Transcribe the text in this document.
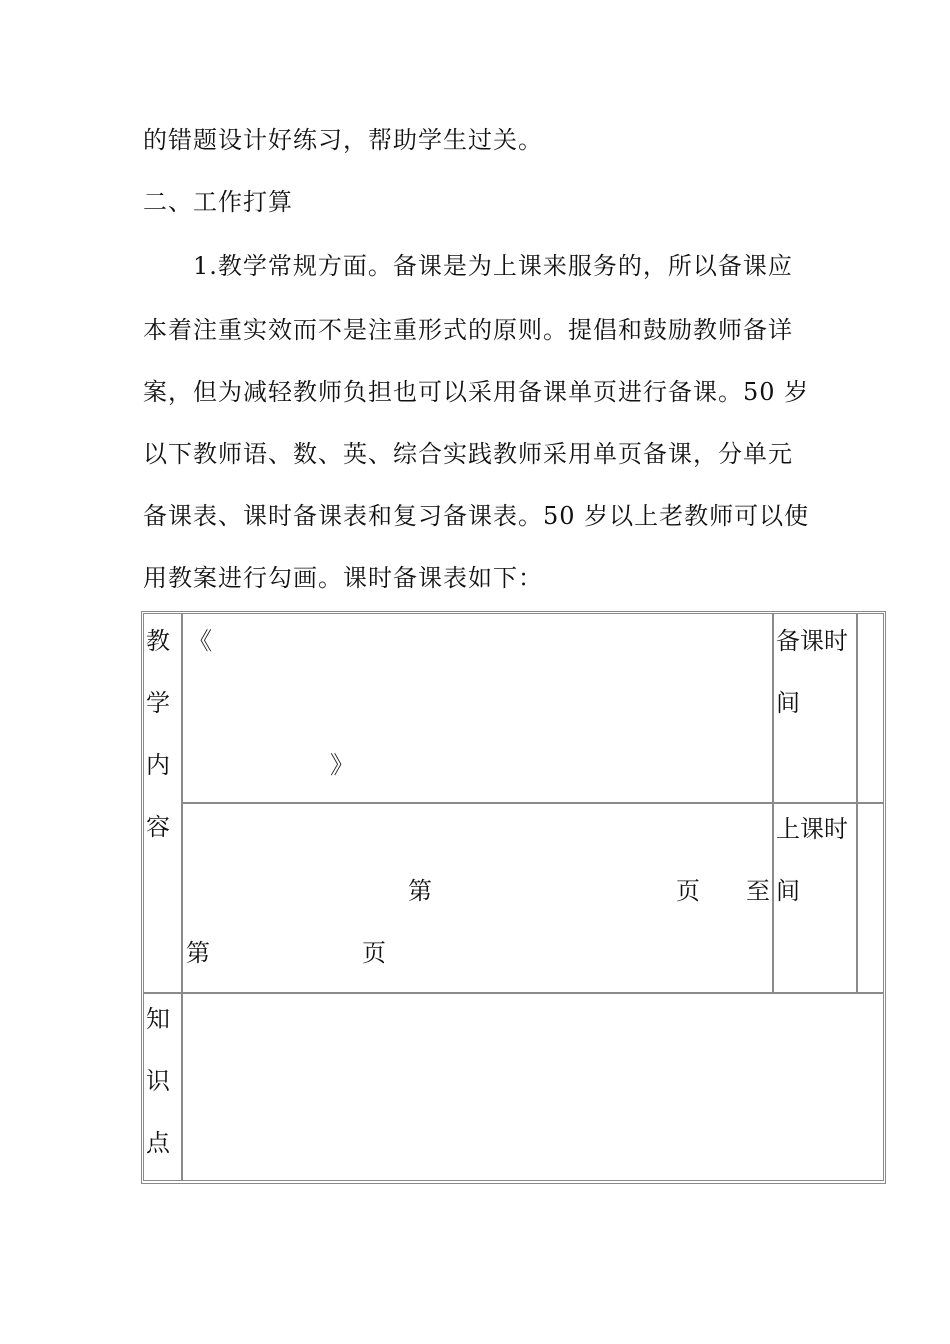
的错题设计好练习，帮助学生过关。
二、工作打算
1.教学常规方面。备课是为上课来服务的，所以备课应
本着注重实效而不是注重形式的原则。提倡和鼓励教师备详
案，但为减轻教师负担也可以采用备课单页进行备课。50 岁
以下教师语、数、英、综合实践教师采用单页备课，分单元
备课表、课时备课表和复习备课表。50 岁以上老教师可以使
用教案进行勾画。课时备课表如下：
教
学
内
容
《
》
备课时
间
第	页 至
第	页
上课时
间
知
识
点
